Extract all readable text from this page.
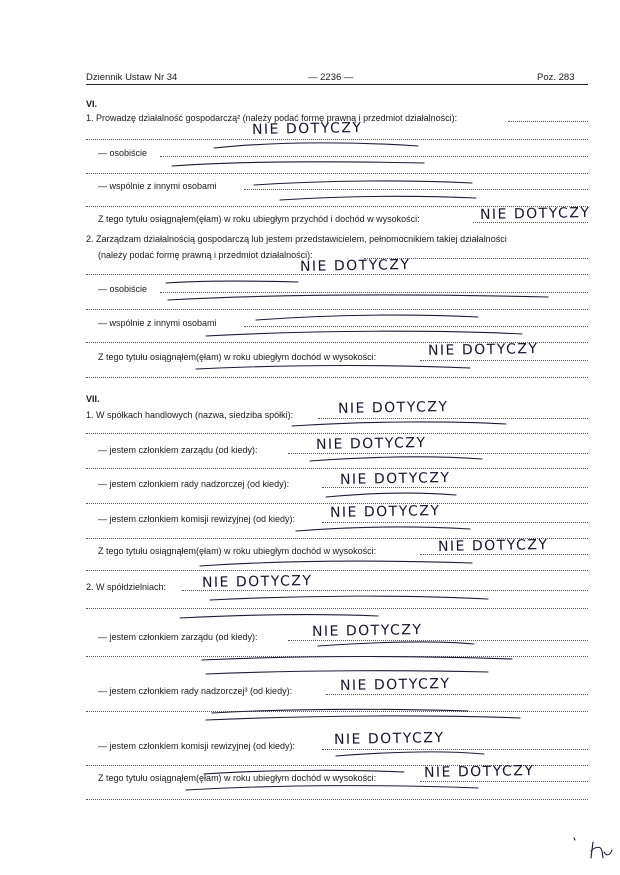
Dziennik Ustaw Nr 34	— 2236 —	Poz. 283
VI.
1. Prowadzę działalność gospodarczą² (należy podać formę prawną i przedmiot działalności):
NIE DOTYCZY
— osobiście
— wspólnie z innymi osobami
Z tego tytułu osiągnąłem(ęłam) w roku ubiegłym przychód i dochód w wysokości:	NIE DOTYCZY
2. Zarządzam działalnością gospodarczą lub jestem przedstawicielem, pełnomocnikiem takiej działalności
(należy podać formę prawną i przedmiot działalności):
NIE DOTYCZY
— osobiście
— wspólnie z innymi osobami
Z tego tytułu osiągnąłem(ęłam) w roku ubiegłym dochód w wysokości:	NIE DOTYCZY
VII.
1. W spółkach handlowych (nazwa, siedziba spółki):	NIE DOTYCZY
— jestem członkiem zarządu (od kiedy):	NIE DOTYCZY
— jestem członkiem rady nadzorczej (od kiedy):	NIE DOTYCZY
— jestem członkiem komisji rewizyjnej (od kiedy): NIE DOTYCZY
Z tego tytułu osiągnąłem(ęłam) w roku ubiegłym dochód w wysokości:	NIE DOTYCZY
2. W spółdzielniach:	NIE DOTYCZY
— jestem członkiem zarządu (od kiedy):	NIE DOTYCZY
— jestem członkiem rady nadzorczej³ (od kiedy):	NIE DOTYCZY
— jestem członkiem komisji rewizyjnej (od kiedy):	NIE DOTYCZY
Z tego tytułu osiągnąłem(ęłam) w roku ubiegłym dochód w wysokości:	NIE DOTYCZY
